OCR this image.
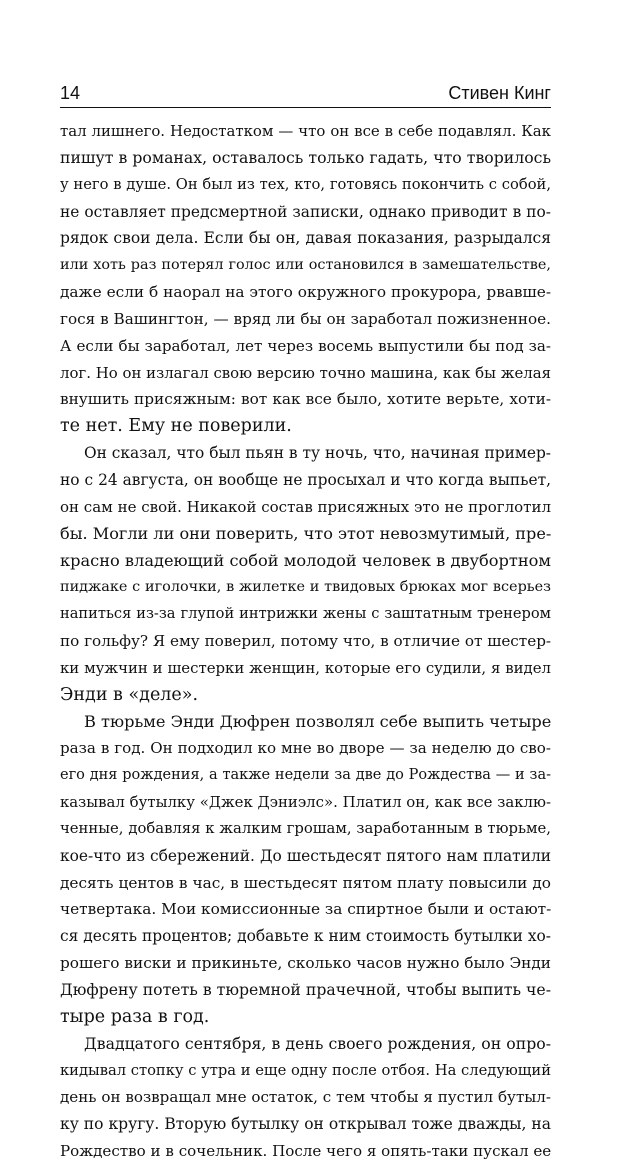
14	Стивен Кинг
тал лишнего. Недостатком — что он все в себе подавлял. Как
пишут в романах, оставалось только гадать, что творилось
у него в душе. Он был из тех, кто, готовясь покончить с собой,
не оставляет предсмертной записки, однако приводит в по-
рядок свои дела. Если бы он, давая показания, разрыдался
или хоть раз потерял голос или остановился в замешательстве,
даже если б наорал на этого окружного прокурора, рвавше-
гося в Вашингтон, — вряд ли бы он заработал пожизненное.
А если бы заработал, лет через восемь выпустили бы под за-
лог. Но он излагал свою версию точно машина, как бы желая
внушить присяжным: вот как все было, хотите верьте, хоти-
те нет. Ему не поверили.
Он сказал, что был пьян в ту ночь, что, начиная пример-
но с 24 августа, он вообще не просыхал и что когда выпьет,
он сам не свой. Никакой состав присяжных это не проглотил
бы. Могли ли они поверить, что этот невозмутимый, пре-
красно владеющий собой молодой человек в двубортном
пиджаке с иголочки, в жилетке и твидовых брюках мог всерьез
напиться из-за глупой интрижки жены с заштатным тренером
по гольфу? Я ему поверил, потому что, в отличие от шестер-
ки мужчин и шестерки женщин, которые его судили, я видел
Энди в «деле».
В тюрьме Энди Дюфрен позволял себе выпить четыре
раза в год. Он подходил ко мне во дворе — за неделю до сво-
его дня рождения, а также недели за две до Рождества — и за-
казывал бутылку «Джек Дэниэлс». Платил он, как все заклю-
ченные, добавляя к жалким грошам, заработанным в тюрьме,
кое-что из сбережений. До шестьдесят пятого нам платили
десять центов в час, в шестьдесят пятом плату повысили до
четвертака. Мои комиссионные за спиртное были и остают-
ся десять процентов; добавьте к ним стоимость бутылки хо-
рошего виски и прикиньте, сколько часов нужно было Энди
Дюфрену потеть в тюремной прачечной, чтобы выпить че-
тыре раза в год.
Двадцатого сентября, в день своего рождения, он опро-
кидывал стопку с утра и еще одну после отбоя. На следующий
день он возвращал мне остаток, с тем чтобы я пустил бутыл-
ку по кругу. Вторую бутылку он открывал тоже дважды, на
Рождество и в сочельник. После чего я опять-таки пускал ее
